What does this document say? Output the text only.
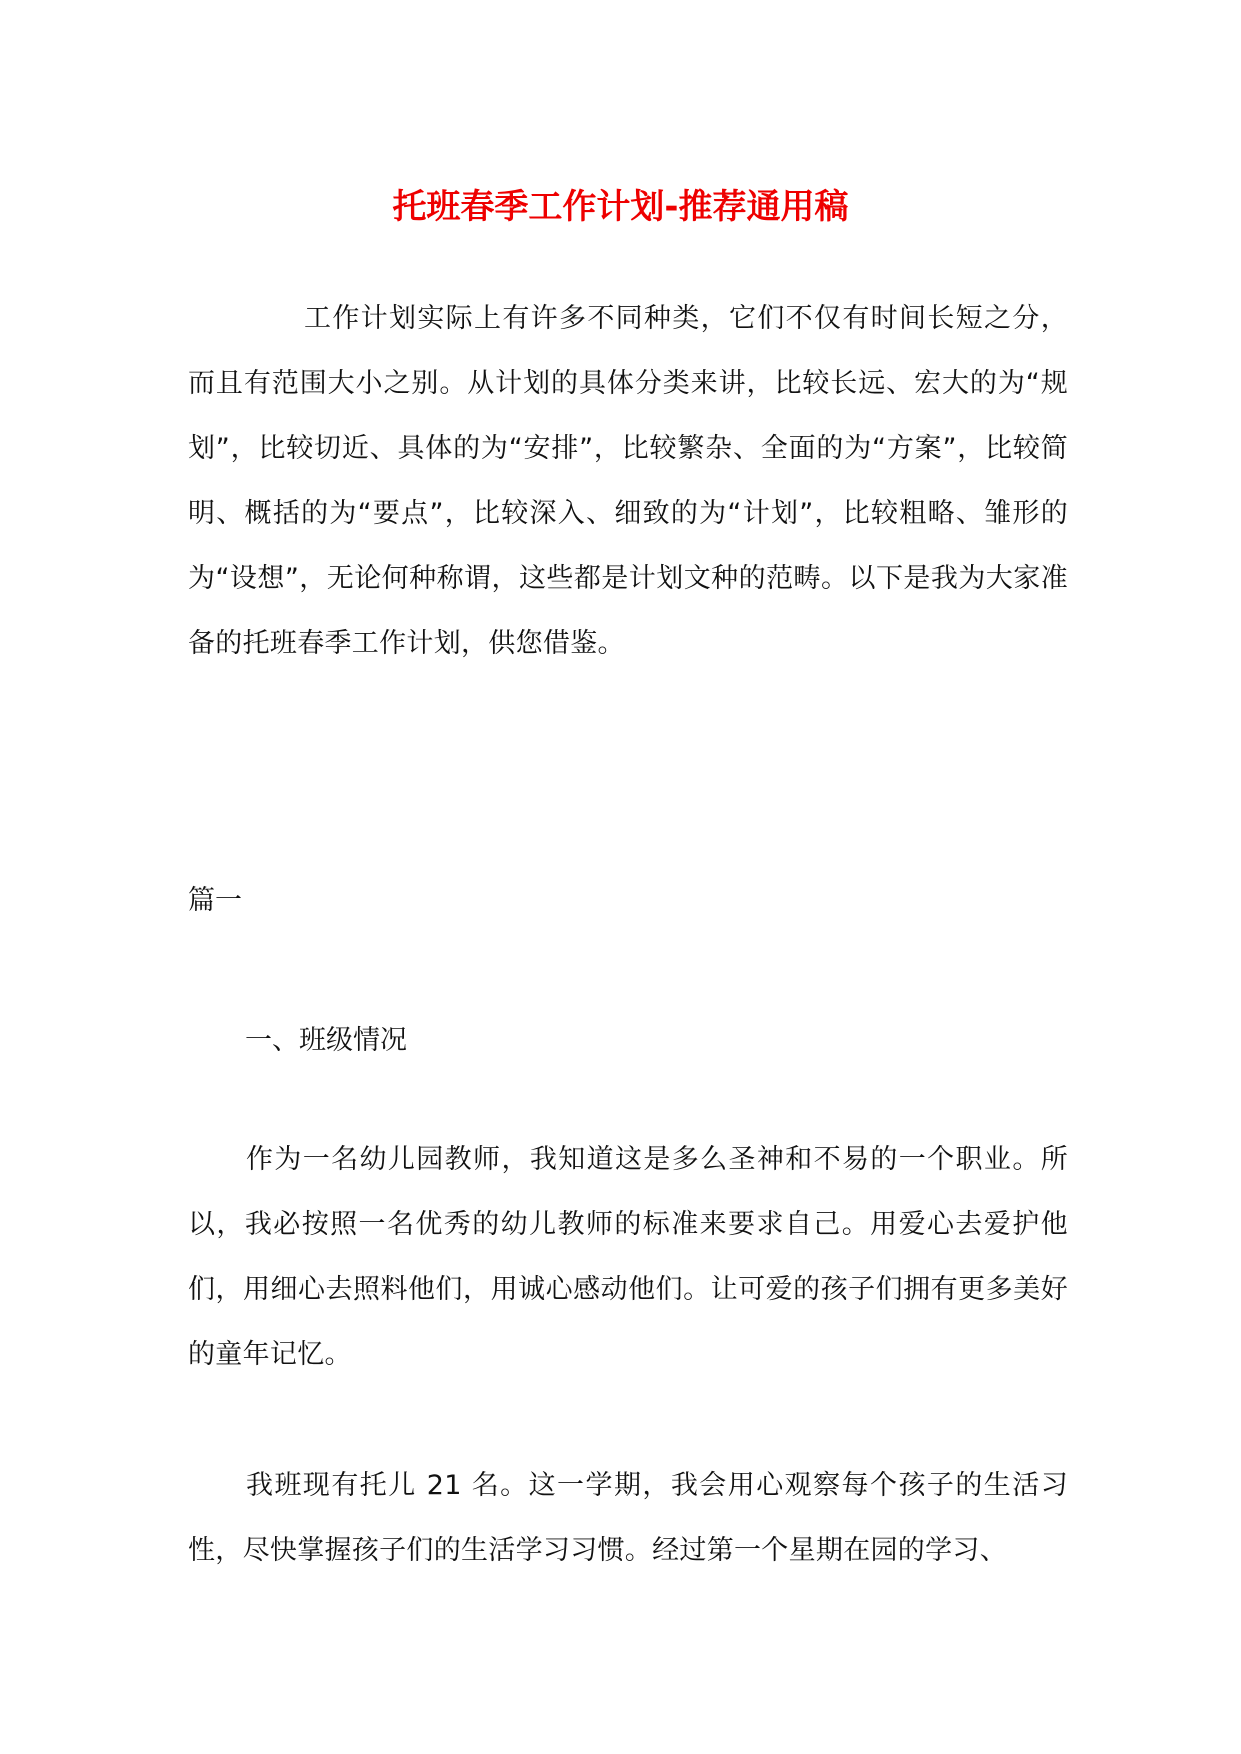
托班春季工作计划-推荐通用稿

工作计划实际上有许多不同种类，它们不仅有时间长短之分，而且有范围大小之别。从计划的具体分类来讲，比较长远、宏大的为“规划”，比较切近、具体的为“安排”，比较繁杂、全面的为“方案”，比较简明、概括的为“要点”，比较深入、细致的为“计划”，比较粗略、雏形的为“设想”，无论何种称谓，这些都是计划文种的范畴。以下是我为大家准备的托班春季工作计划，供您借鉴。

篇一

一、班级情况

作为一名幼儿园教师，我知道这是多么圣神和不易的一个职业。所以，我必按照一名优秀的幼儿教师的标准来要求自己。用爱心去爱护他们，用细心去照料他们，用诚心感动他们。让可爱的孩子们拥有更多美好的童年记忆。

我班现有托儿 21 名。这一学期，我会用心观察每个孩子的生活习性，尽快掌握孩子们的生活学习习惯。经过第一个星期在园的学习、
